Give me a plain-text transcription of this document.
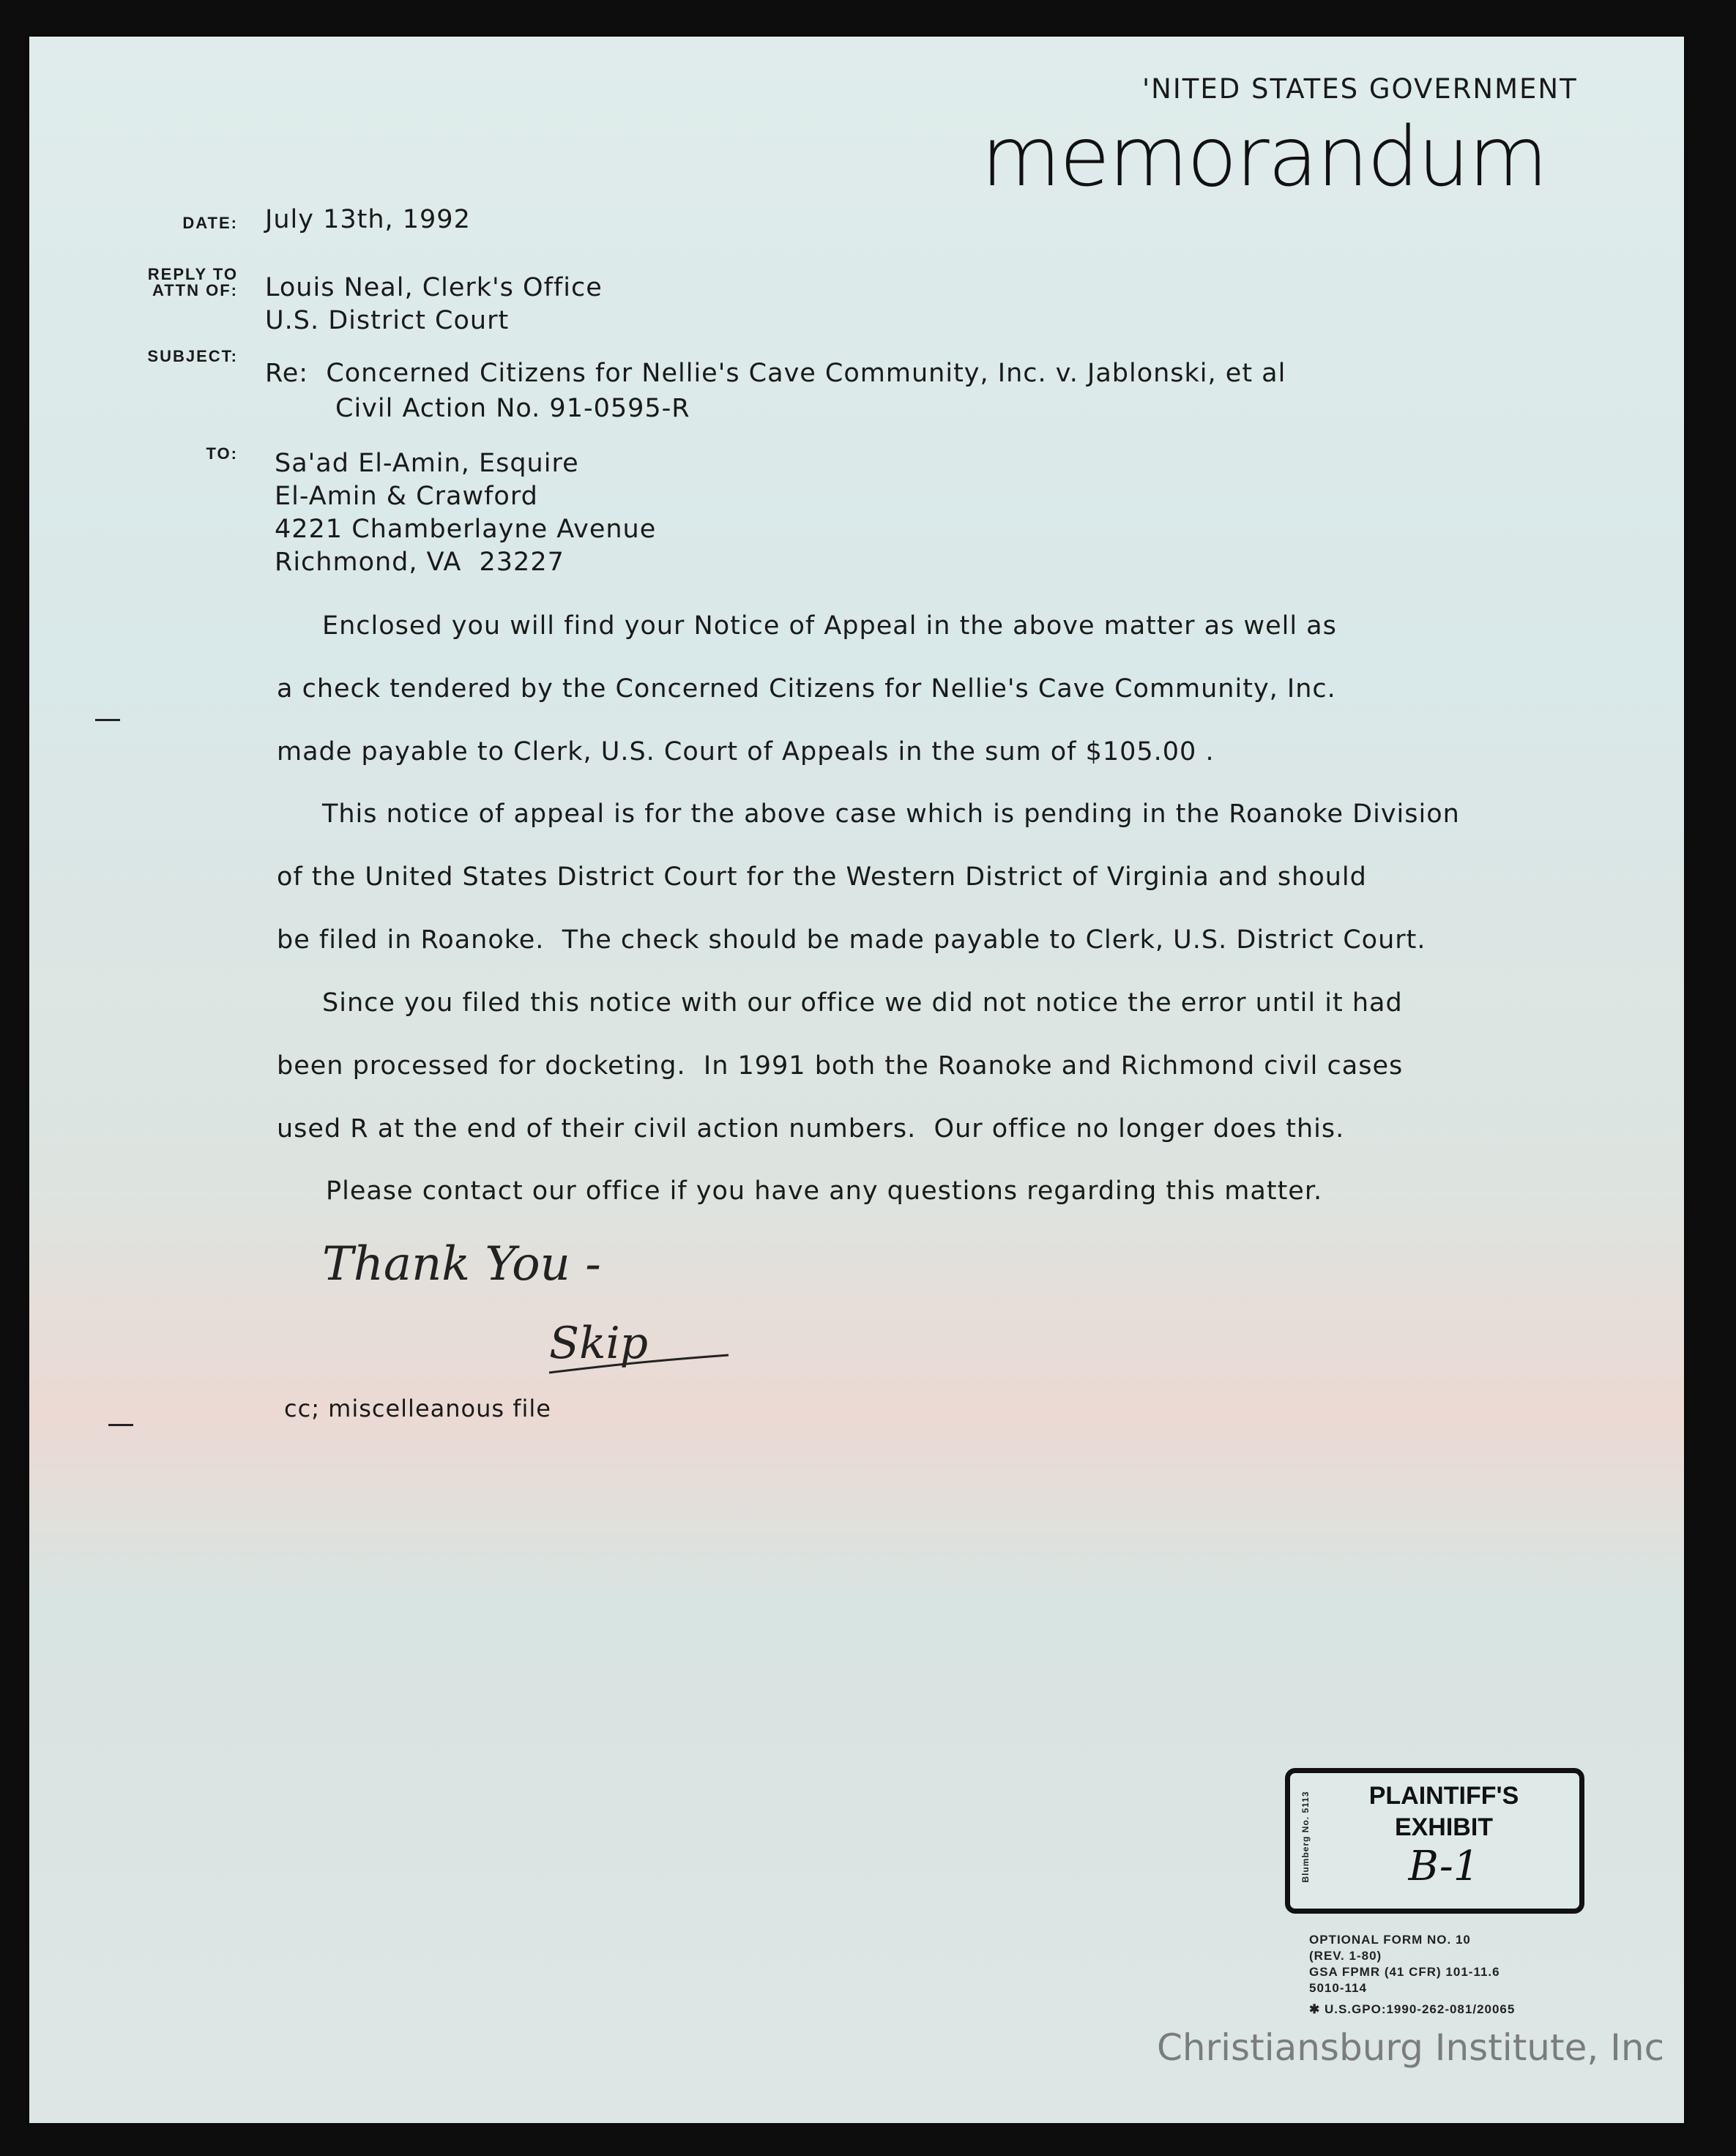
'NITED STATES GOVERNMENT
memorandum
DATE:
REPLY TO
ATTN OF:
SUBJECT:
TO:
July 13th, 1992
Louis Neal, Clerk's Office
U.S. District Court
Re:  Concerned Citizens for Nellie's Cave Community, Inc. v. Jablonski, et al
Civil Action No. 91-0595-R
Sa'ad El-Amin, Esquire
El-Amin & Crawford
4221 Chamberlayne Avenue
Richmond, VA  23227
Enclosed you will find your Notice of Appeal in the above matter as well as
a check tendered by the Concerned Citizens for Nellie's Cave Community, Inc.
made payable to Clerk, U.S. Court of Appeals in the sum of $105.00 .
This notice of appeal is for the above case which is pending in the Roanoke Division
of the United States District Court for the Western District of Virginia and should
be filed in Roanoke.  The check should be made payable to Clerk, U.S. District Court.
Since you filed this notice with our office we did not notice the error until it had
been processed for docketing.  In 1991 both the Roanoke and Richmond civil cases
used R at the end of their civil action numbers.  Our office no longer does this.
Please contact our office if you have any questions regarding this matter.
Thank You -
Skip
cc; miscelleanous file
Blumberg No. 5113	PLAINTIFF'S
EXHIBIT
B-1
OPTIONAL FORM NO. 10
(REV. 1-80)
GSA FPMR (41 CFR) 101-11.6
5010-114
✱ U.S.GPO:1990-262-081/20065
Christiansburg Institute, Inc
